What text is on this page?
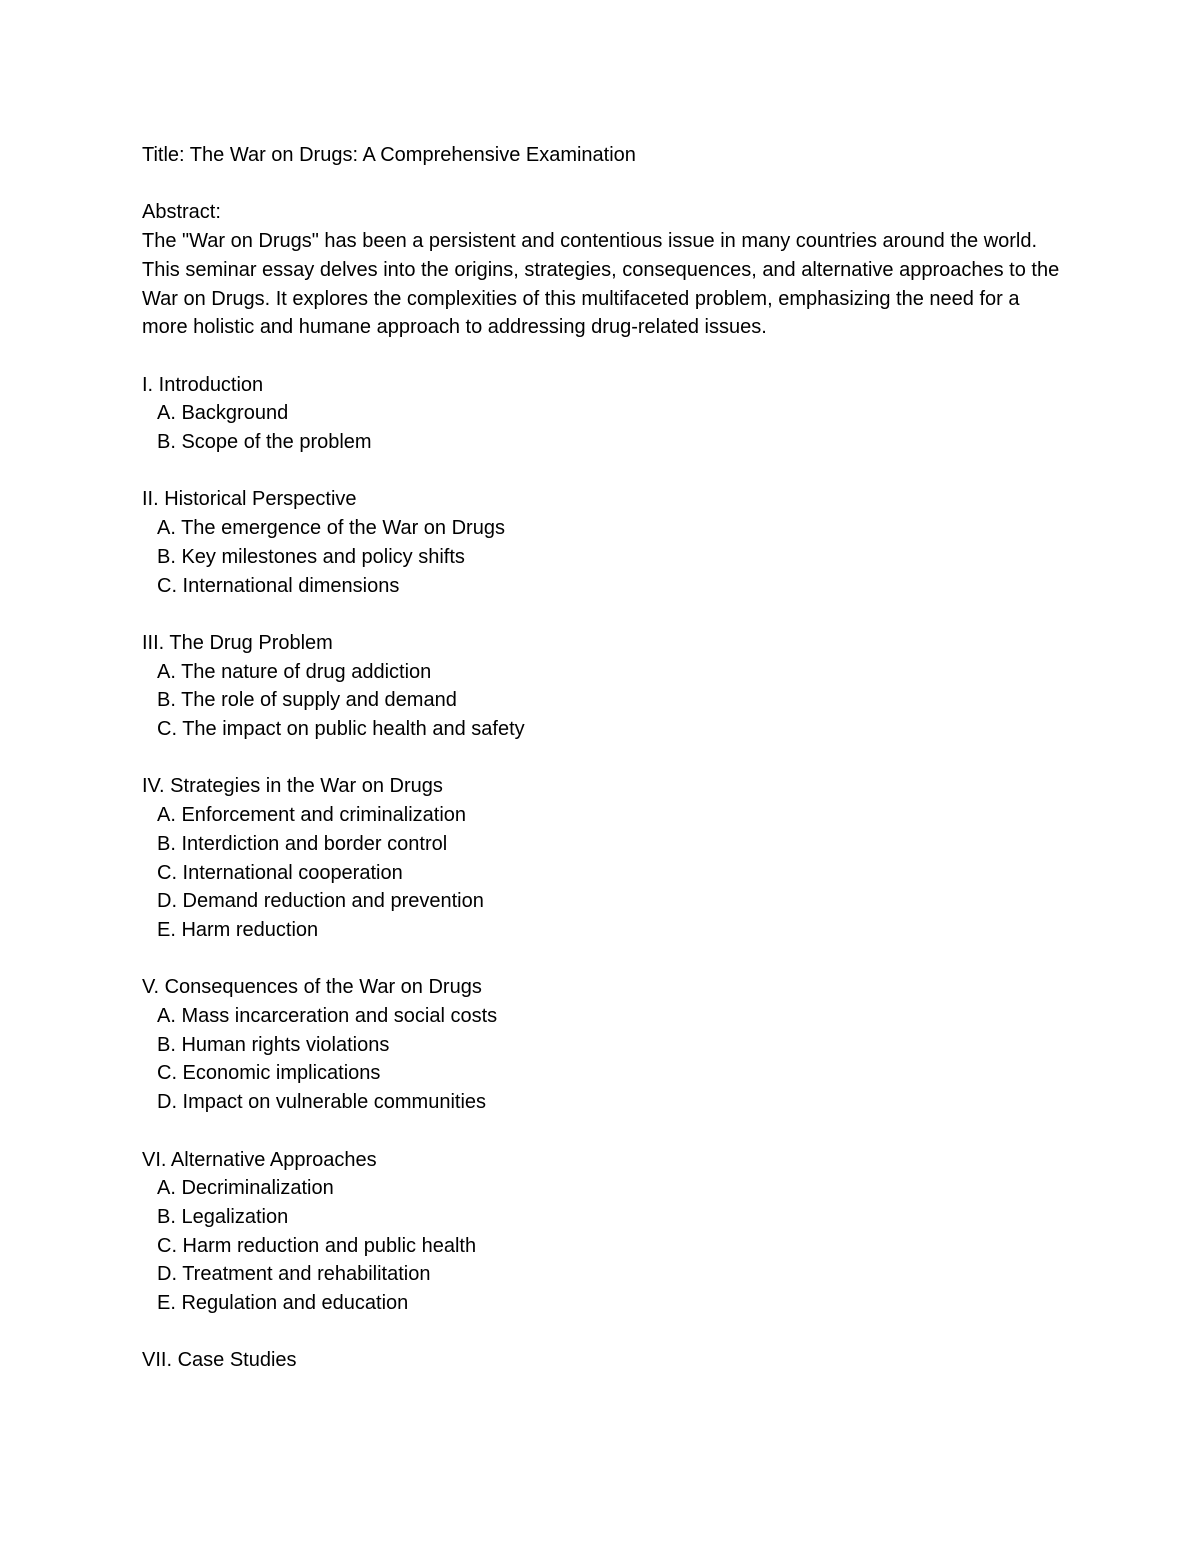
Title: The War on Drugs: A Comprehensive Examination
Abstract:
The "War on Drugs" has been a persistent and contentious issue in many countries around the world. This seminar essay delves into the origins, strategies, consequences, and alternative approaches to the War on Drugs. It explores the complexities of this multifaceted problem, emphasizing the need for a more holistic and humane approach to addressing drug-related issues.
I. Introduction
A. Background
B. Scope of the problem
II. Historical Perspective
A. The emergence of the War on Drugs
B. Key milestones and policy shifts
C. International dimensions
III. The Drug Problem
A. The nature of drug addiction
B. The role of supply and demand
C. The impact on public health and safety
IV. Strategies in the War on Drugs
A. Enforcement and criminalization
B. Interdiction and border control
C. International cooperation
D. Demand reduction and prevention
E. Harm reduction
V. Consequences of the War on Drugs
A. Mass incarceration and social costs
B. Human rights violations
C. Economic implications
D. Impact on vulnerable communities
VI. Alternative Approaches
A. Decriminalization
B. Legalization
C. Harm reduction and public health
D. Treatment and rehabilitation
E. Regulation and education
VII. Case Studies
